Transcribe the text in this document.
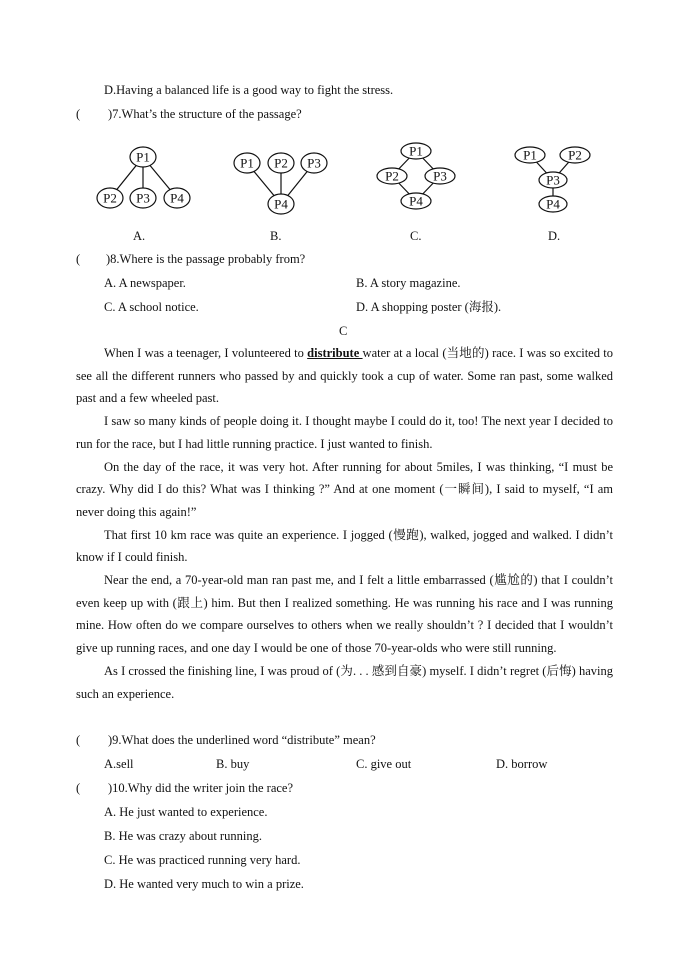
D.Having a balanced life is a good way to fight the stress.
(	)7.What’s the structure of the passage?
P1
P2 P3 P4
P1 P2 P3
P4
P1
P2	P3
P4
P1 P2
P3
P4
A.	B.	C.	D.
( )8.Where is the passage probably from?
A. A newspaper.	B. A story magazine.
C. A school notice.	D. A shopping poster (海报).
C

When I was a teenager, I volunteered to distribute water at a local (当地的) race. I was so excited to see all the different runners who passed by and quickly took a cup of water. Some ran past, some walked past and a few wheeled past.

I saw so many kinds of people doing it. I thought maybe I could do it, too! The next year I decided to run for the race, but I had little running practice. I just wanted to finish.

On the day of the race, it was very hot. After running for about 5miles, I was thinking, “I must be crazy. Why did I do this? What was I thinking ?” And at one moment (一瞬间), I said to myself, “I am never doing this again!”

That first 10 km race was quite an experience. I jogged (慢跑), walked, jogged and walked. I didn’t know if I could finish.

Near the end, a 70-year-old man ran past me, and I felt a little embarrassed (尴尬的) that I couldn’t even keep up with (跟上) him. But then I realized something. He was running his race and I was running mine. How often do we compare ourselves to others when we really shouldn’t ? I decided that I wouldn’t give up running races, and one day I would be one of those 70-year-olds who were still running.

As I crossed the finishing line, I was proud of (为. . . 感到自豪) myself. I didn’t regret (后悔) having such an experience.

( )9.What does the underlined word “distribute” mean?
A.sell	B. buy	C. give out	D. borrow
( )10.Why did the writer join the race?
A. He just wanted to experience.
B. He was crazy about running.
C. He was practiced running very hard.
D. He wanted very much to win a prize.
